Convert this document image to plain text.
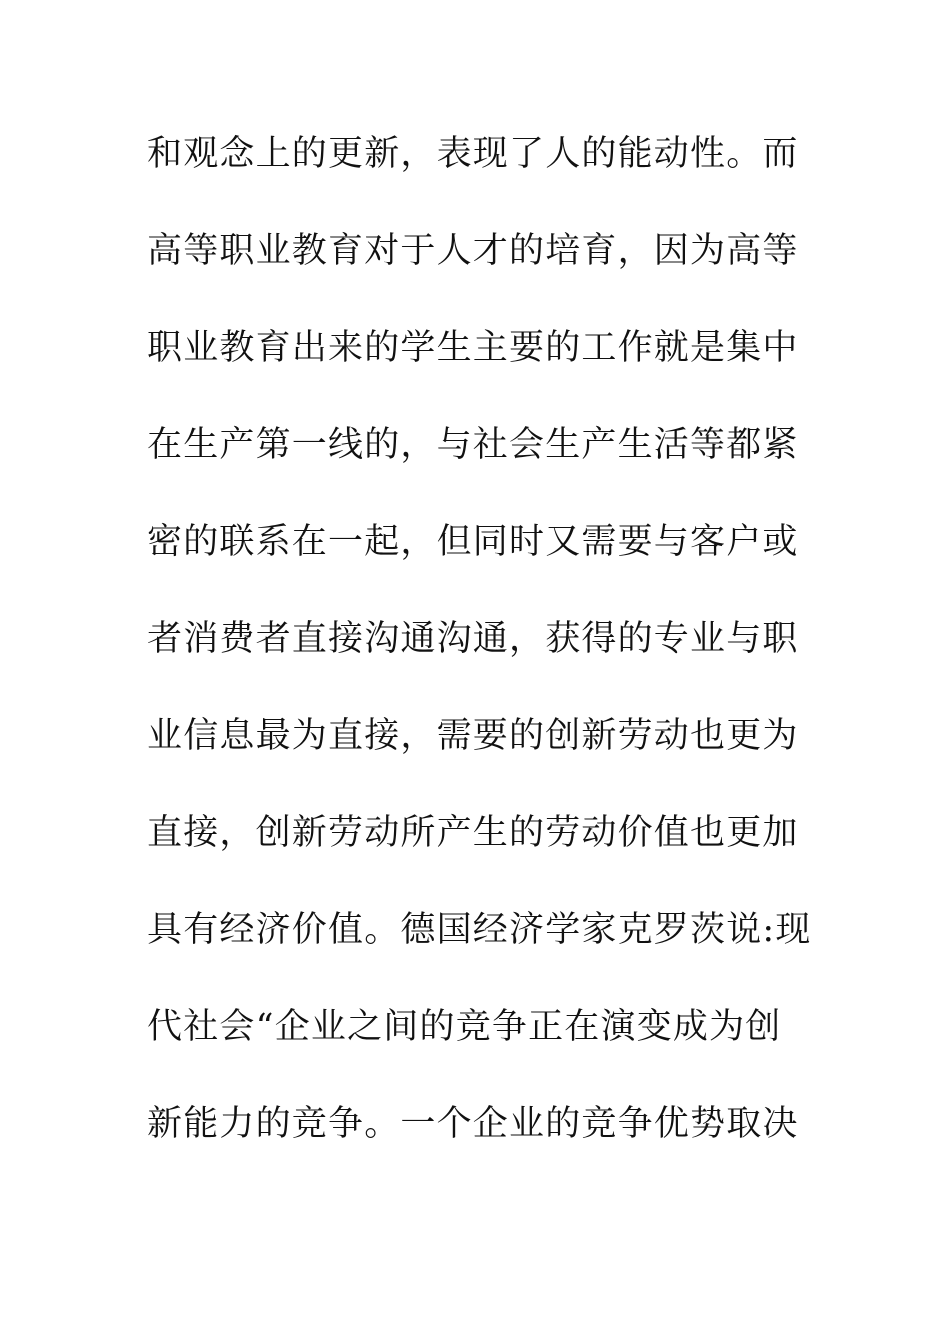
和观念上的更新，表现了人的能动性。而
高等职业教育对于人才的培育，因为高等
职业教育出来的学生主要的工作就是集中
在生产第一线的，与社会生产生活等都紧
密的联系在一起，但同时又需要与客户或
者消费者直接沟通沟通，获得的专业与职
业信息最为直接，需要的创新劳动也更为
直接，创新劳动所产生的劳动价值也更加
具有经济价值。德国经济学家克罗茨说:现
代社会“企业之间的竞争正在演变成为创
新能力的竞争。一个企业的竞争优势取决
